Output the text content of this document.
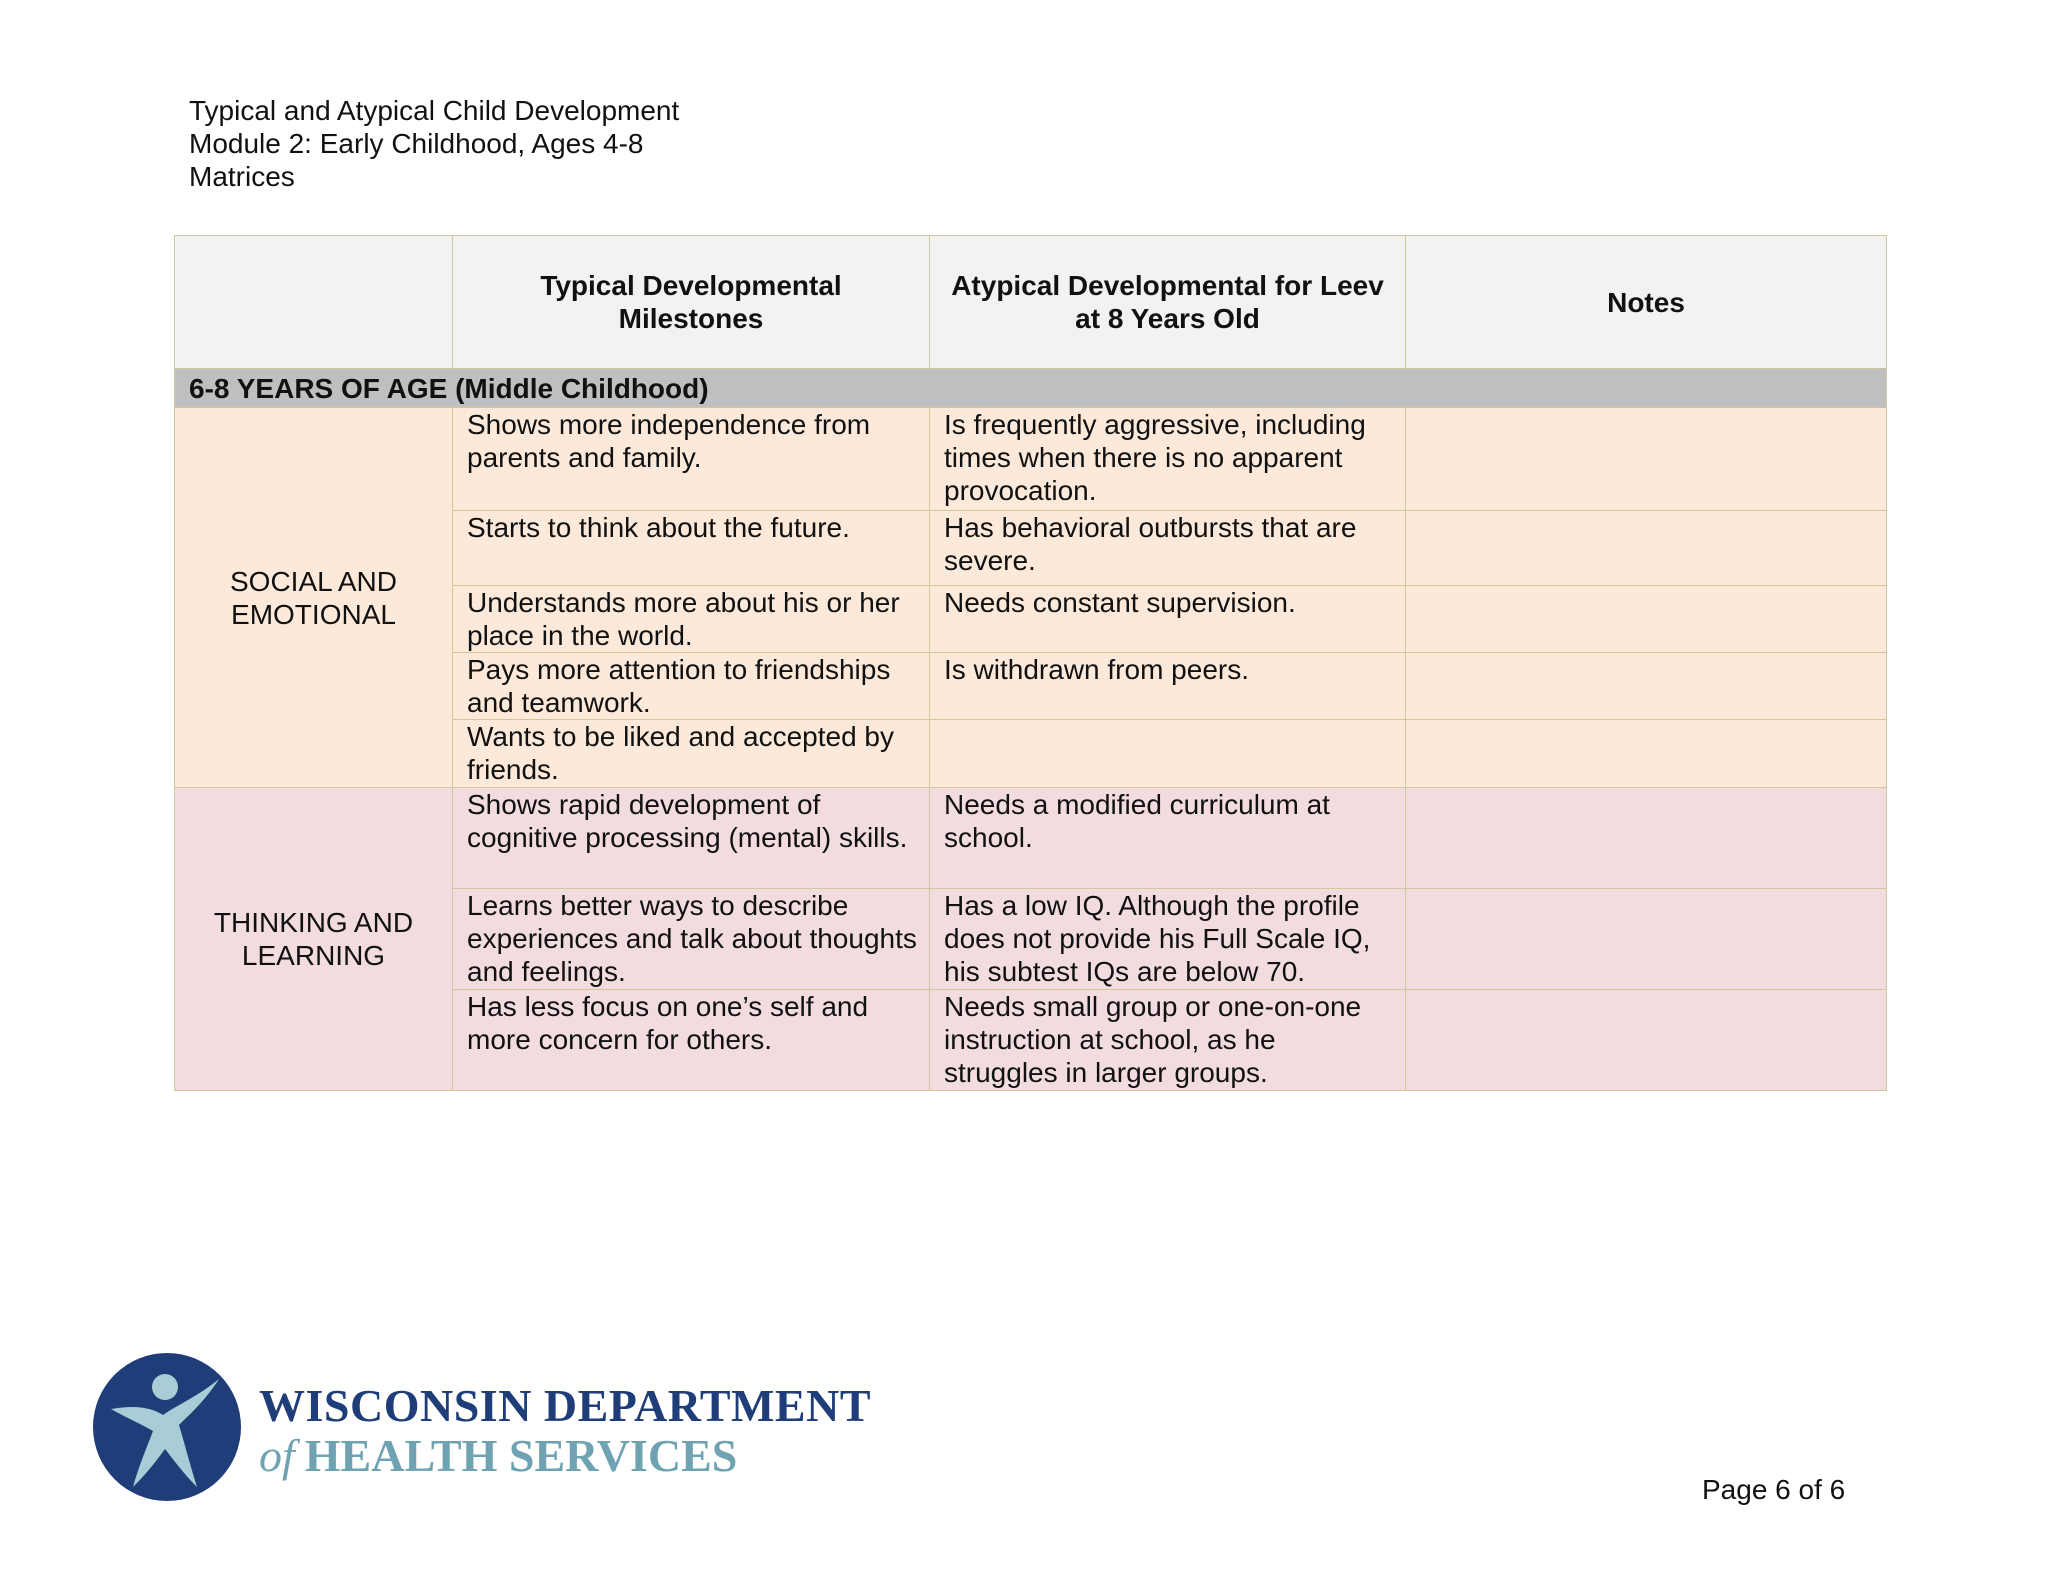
Typical and Atypical Child Development
Module 2: Early Childhood, Ages 4-8
Matrices
	Typical Developmental Milestones	Atypical Developmental for Leev at 8 Years Old	Notes
6-8 YEARS OF AGE (Middle Childhood)			
SOCIAL AND EMOTIONAL	Shows more independence from parents and family.	Is frequently aggressive, including times when there is no apparent provocation.	
	Starts to think about the future.	Has behavioral outbursts that are severe.	
	Understands more about his or her place in the world.	Needs constant supervision.	
	Pays more attention to friendships and teamwork.	Is withdrawn from peers.	
	Wants to be liked and accepted by friends.		
THINKING AND LEARNING	Shows rapid development of cognitive processing (mental) skills.	Needs a modified curriculum at school.	
	Learns better ways to describe experiences and talk about thoughts and feelings.	Has a low IQ. Although the profile does not provide his Full Scale IQ, his subtest IQs are below 70.	
	Has less focus on one’s self and more concern for others.	Needs small group or one-on-one instruction at school, as he struggles in larger groups.	
WISCONSIN DEPARTMENT
of HEALTH SERVICES
Page 6 of 6
